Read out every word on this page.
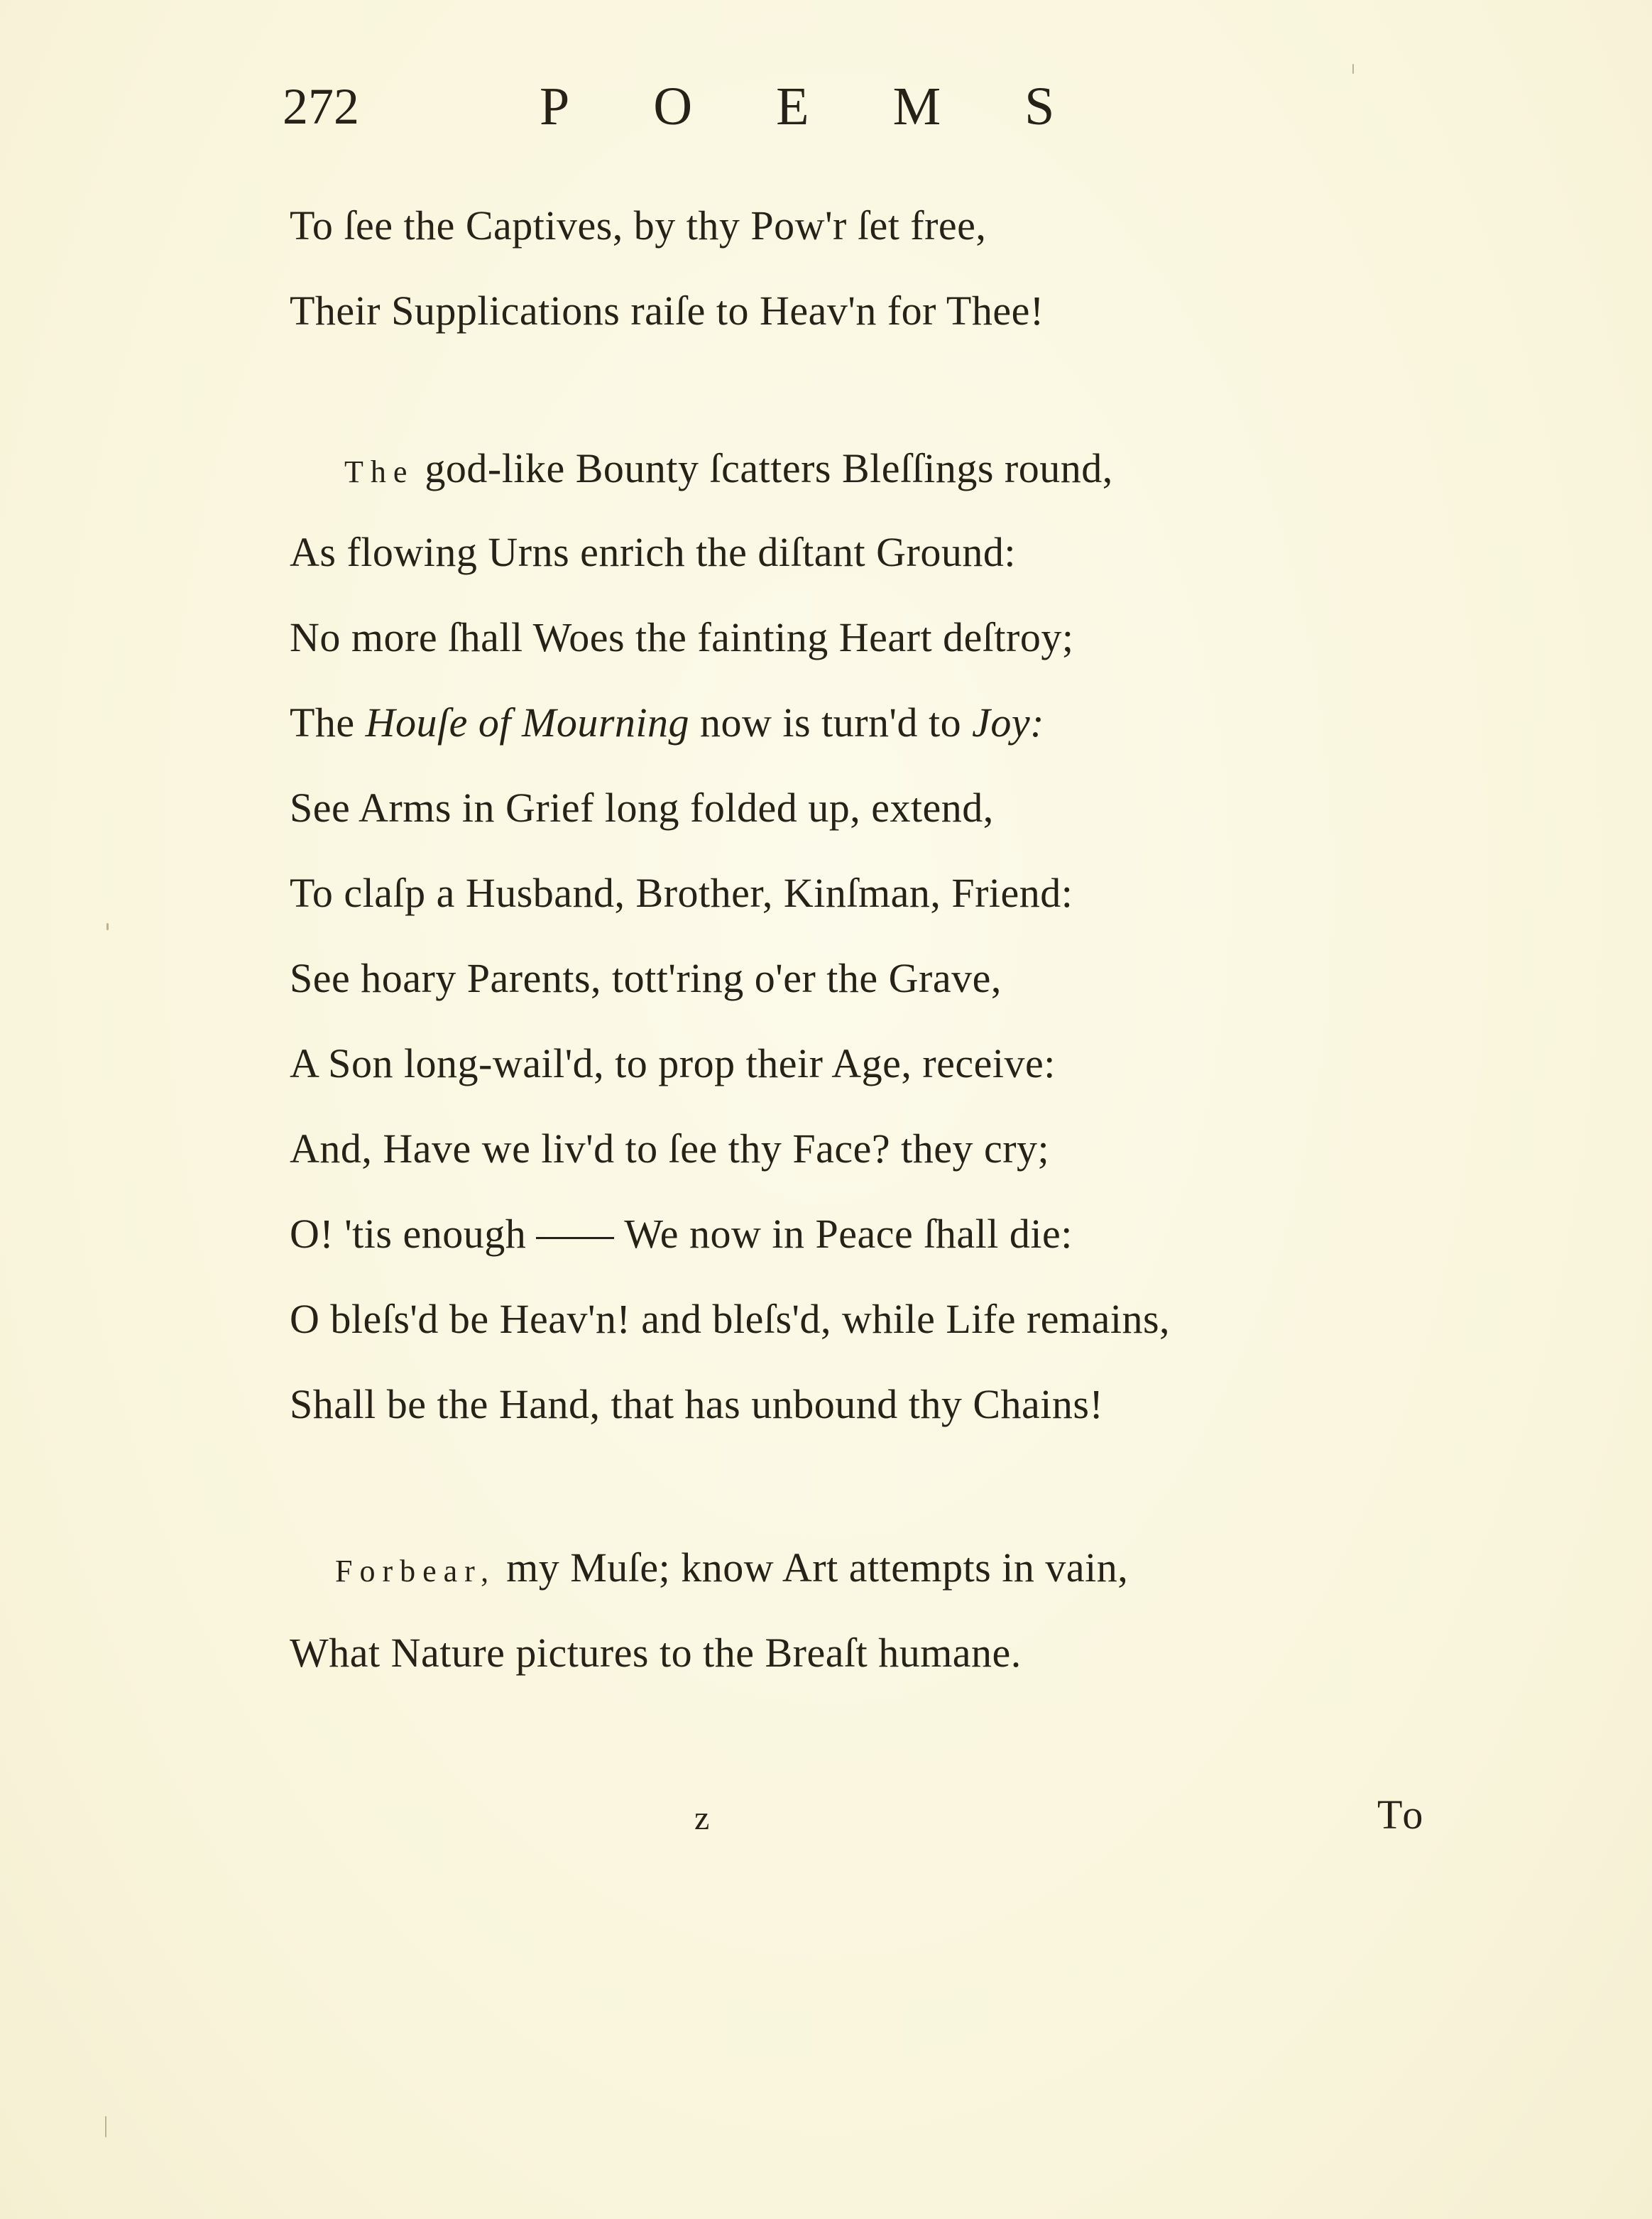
272	POEMS
To ſee the Captives, by thy Pow'r ſet free,
Their Supplications raiſe to Heav'n for Thee!
The god-like Bounty ſcatters Bleſſings round,
As flowing Urns enrich the diſtant Ground:
No more ſhall Woes the fainting Heart deſtroy;
The Houſe of Mourning now is turn'd to Joy:
See Arms in Grief long folded up, extend,
To claſp a Husband, Brother, Kinſman, Friend:
See hoary Parents, tott'ring o'er the Grave,
A Son long-wail'd, to prop their Age, receive:
And, Have we liv'd to ſee thy Face? they cry;
O! 'tis enough We now in Peace ſhall die:
O bleſs'd be Heav'n! and bleſs'd, while Life remains,
Shall be the Hand, that has unbound thy Chains!
Forbear, my Muſe; know Art attempts in vain,
What Nature pictures to the Breaſt humane.
z	To
